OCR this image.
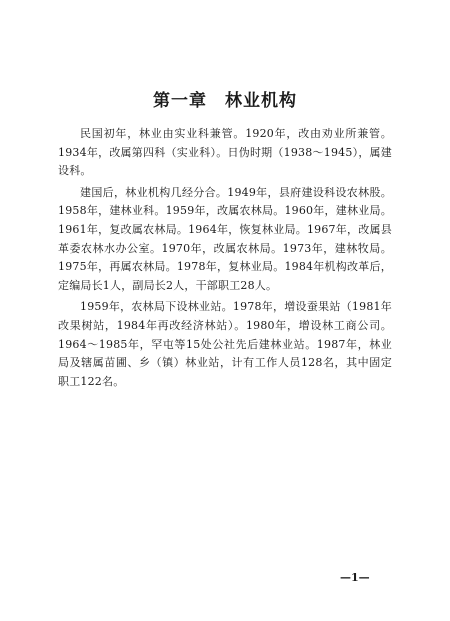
第一章　林业机构

民国初年，林业由实业科兼管。1920年，改由劝业所兼管。1934年，改属第四科（实业科）。日伪时期（1938～1945），属建设科。

建国后，林业机构几经分合。1949年，县府建设科设农林股。1958年，建林业科。1959年，改属农林局。1960年，建林业局。1961年，复改属农林局。1964年，恢复林业局。1967年，改属县革委农林水办公室。1970年，改属农林局。1973年，建林牧局。1975年，再属农林局。1978年，复林业局。1984年机构改革后，定编局长1人，副局长2人，干部职工28人。

1959年，农林局下设林业站。1978年，增设蚕果站（1981年改果树站，1984年再改经济林站）。1980年，增设林工商公司。1964～1985年，罕屯等15处公社先后建林业站。1987年，林业局及辖属苗圃、乡（镇）林业站，计有工作人员128名，其中固定职工122名。

—1—
